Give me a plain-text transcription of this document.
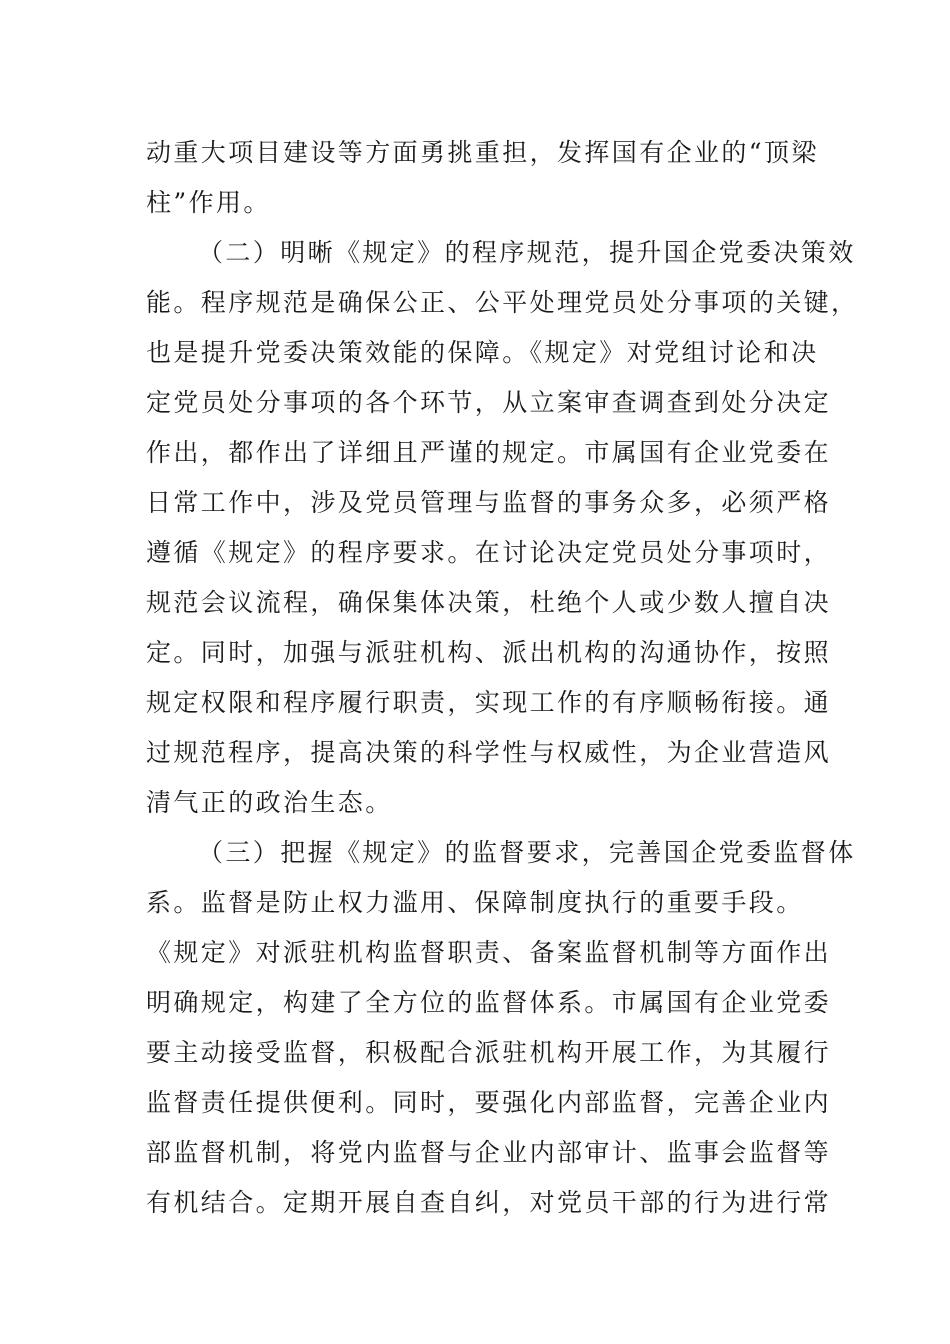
动重大项目建设等方面勇挑重担，发挥国有企业的“顶梁
柱”作用。
（二）明晰《规定》的程序规范，提升国企党委决策效
能。程序规范是确保公正、公平处理党员处分事项的关键，
也是提升党委决策效能的保障。《规定》对党组讨论和决
定党员处分事项的各个环节，从立案审查调查到处分决定
作出，都作出了详细且严谨的规定。市属国有企业党委在
日常工作中，涉及党员管理与监督的事务众多，必须严格
遵循《规定》的程序要求。在讨论决定党员处分事项时，
规范会议流程，确保集体决策，杜绝个人或少数人擅自决
定。同时，加强与派驻机构、派出机构的沟通协作，按照
规定权限和程序履行职责，实现工作的有序顺畅衔接。通
过规范程序，提高决策的科学性与权威性，为企业营造风
清气正的政治生态。
（三）把握《规定》的监督要求，完善国企党委监督体
系。监督是防止权力滥用、保障制度执行的重要手段。
《规定》对派驻机构监督职责、备案监督机制等方面作出
明确规定，构建了全方位的监督体系。市属国有企业党委
要主动接受监督，积极配合派驻机构开展工作，为其履行
监督责任提供便利。同时，要强化内部监督，完善企业内
部监督机制，将党内监督与企业内部审计、监事会监督等
有机结合。定期开展自查自纠，对党员干部的行为进行常
